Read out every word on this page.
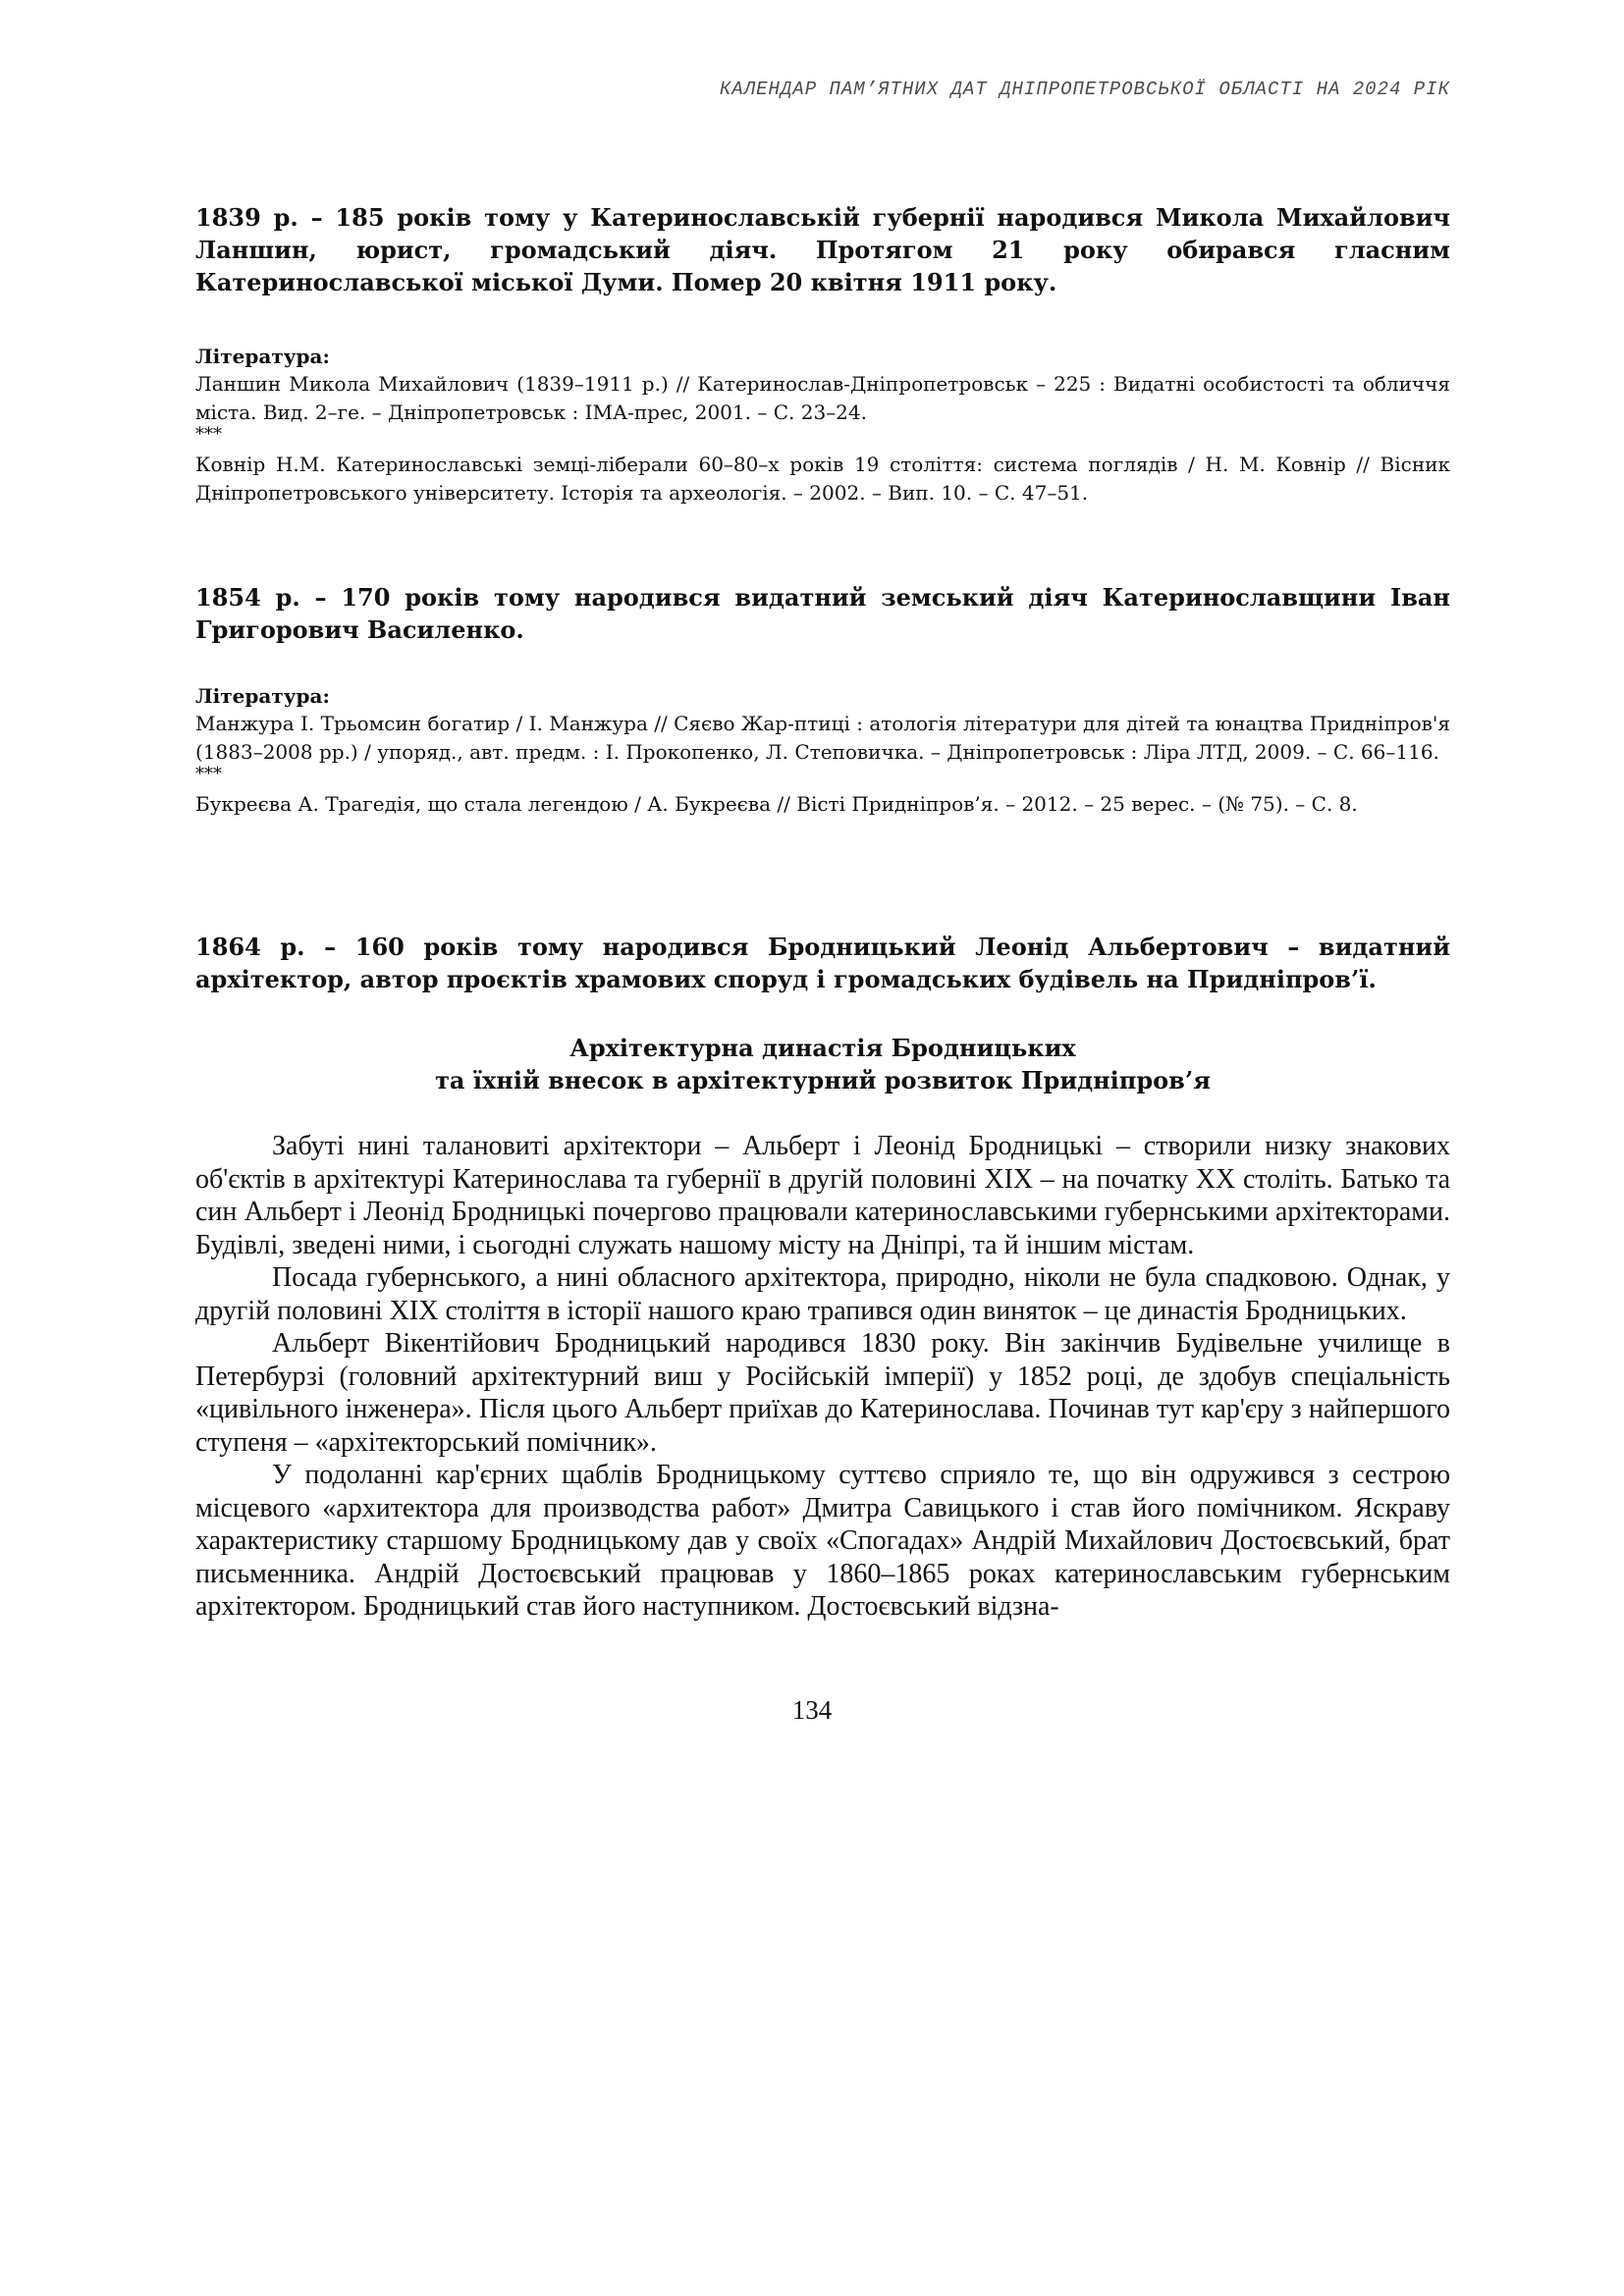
КАЛЕНДАР ПАМ’ЯТНИХ ДАТ ДНІПРОПЕТРОВСЬКОЇ ОБЛАСТІ НА 2024 РІК

1839 р. – 185 років тому у Катеринославській губернії народився Микола Михайлович Ланшин, юрист, громадський діяч. Протягом 21 року обирався гласним Катеринославської міської Думи. Помер 20 квітня 1911 року.

Література:

Ланшин Микола Михайлович (1839–1911 р.) // Катеринослав-Дніпропетровськ – 225 : Видатні особистості та обличчя міста. Вид. 2–ге. – Дніпропетровськ : ІМА-прес, 2001. – С. 23–24.

***

Ковнір Н.М. Катеринославські земці-ліберали 60–80–х років 19 століття: система поглядів / Н. М. Ковнір // Вісник Дніпропетровського університету. Історія та археологія. – 2002. – Вип. 10. – С. 47–51.

1854 р. – 170 років тому народився видатний земський діяч Катеринославщини Іван Григорович Василенко.

Література:

Манжура І. Трьомсин богатир / І. Манжура // Сяєво Жар-птиці : атологія літератури для дітей та юнацтва Придніпров'я (1883–2008 рр.) / упоряд., авт. предм. : І. Прокопенко, Л. Степовичка. – Дніпропетровськ : Ліра ЛТД, 2009. – С. 66–116.

***

Букреєва А. Трагедія, що стала легендою / А. Букреєва // Вісті Придніпров’я. – 2012. – 25 верес. – (№ 75). – С. 8.

1864 р. – 160 років тому народився Бродницький Леонід Альбертович – видатний архітектор, автор проєктів храмових споруд і громадських будівель на Придніпров’ї.

Архітектурна династія Бродницьких

та їхній внесок в архітектурний розвиток Придніпров’я

Забуті нині талановиті архітектори – Альберт і Леонід Бродницькі – створили низку знакових об'єктів в архітектурі Катеринослава та губернії в другій половині ХІХ – на початку ХХ століть. Батько та син Альберт і Леонід Бродницькі почергово працювали катеринославськими губернськими архітекторами. Будівлі, зведені ними, і сьогодні служать нашому місту на Дніпрі, та й іншим містам.

Посада губернського, а нині обласного архітектора, природно, ніколи не була спадковою. Однак, у другій половині ХІХ століття в історії нашого краю трапився один виняток – це династія Бродницьких.

Альберт Вікентійович Бродницький народився 1830 року. Він закінчив Будівельне училище в Петербурзі (головний архітектурний виш у Російській імперії) у 1852 році, де здобув спеціальність «цивільного інженера». Після цього Альберт приїхав до Катеринослава. Починав тут кар'єру з найпершого ступеня – «архітекторський помічник».

У подоланні кар'єрних щаблів Бродницькому суттєво сприяло те, що він одружився з сестрою місцевого «архитектора для производства работ» Дмитра Савицького і став його помічником. Яскраву характеристику старшому Бродницькому дав у своїх «Спогадах» Андрій Михайлович Достоєвський, брат письменника. Андрій Достоєвський працював у 1860–1865 роках катеринославським губернським архітектором. Бродницький став його наступником. Достоєвський відзна-

134
